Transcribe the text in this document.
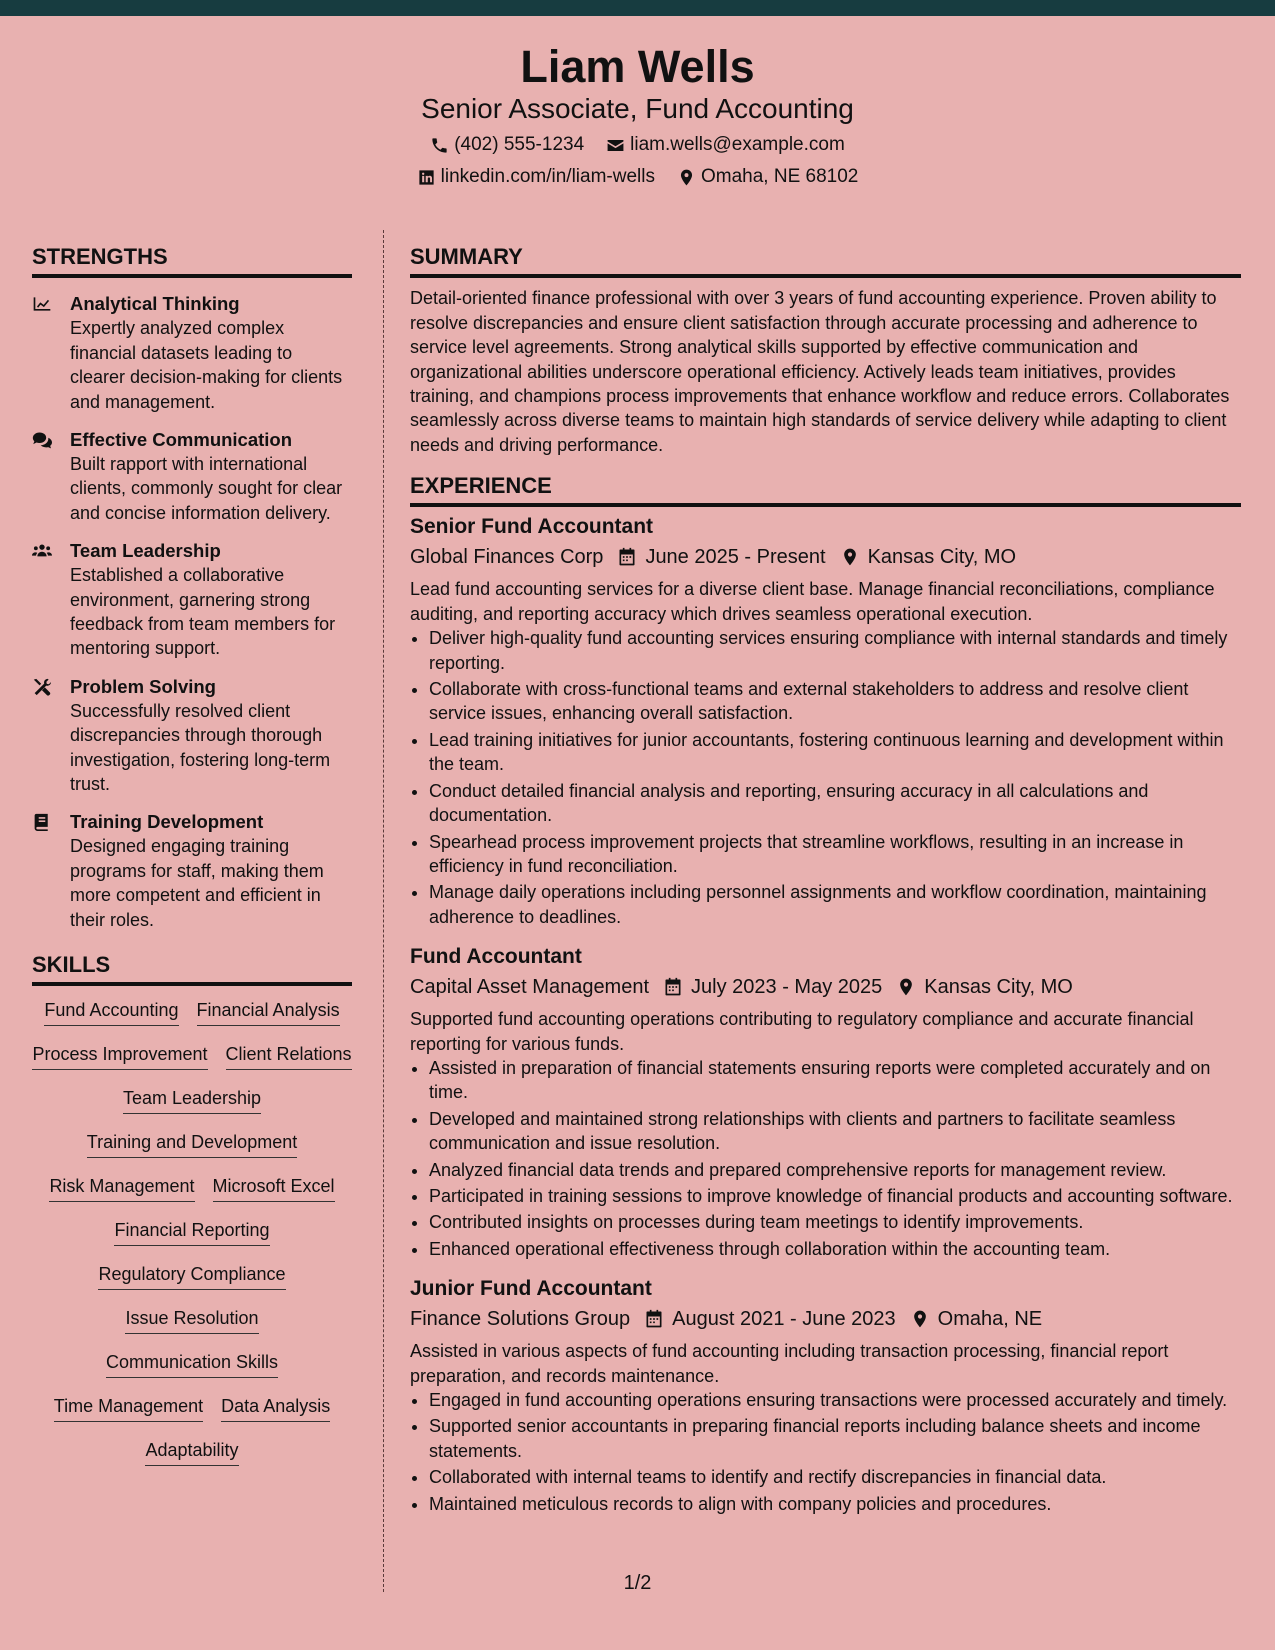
Liam Wells
Senior Associate, Fund Accounting
(402) 555-1234 liam.wells@example.com
linkedin.com/in/liam-wells Omaha, NE 68102
STRENGTHS
Analytical Thinking
Expertly analyzed complex financial datasets leading to clearer decision-making for clients and management.
Effective Communication
Built rapport with international clients, commonly sought for clear and concise information delivery.
Team Leadership
Established a collaborative environment, garnering strong feedback from team members for mentoring support.
Problem Solving
Successfully resolved client discrepancies through thorough investigation, fostering long-term trust.
Training Development
Designed engaging training programs for staff, making them more competent and efficient in their roles.
SKILLS
Fund Accounting Financial Analysis
Process Improvement Client Relations
Team Leadership
Training and Development
Risk Management Microsoft Excel
Financial Reporting
Regulatory Compliance
Issue Resolution
Communication Skills
Time Management Data Analysis
Adaptability
SUMMARY
Detail-oriented finance professional with over 3 years of fund accounting experience. Proven ability to resolve discrepancies and ensure client satisfaction through accurate processing and adherence to service level agreements. Strong analytical skills supported by effective communication and organizational abilities underscore operational efficiency. Actively leads team initiatives, provides training, and champions process improvements that enhance workflow and reduce errors. Collaborates seamlessly across diverse teams to maintain high standards of service delivery while adapting to client needs and driving performance.
EXPERIENCE
Senior Fund Accountant
Global Finances Corp June 2025 - Present Kansas City, MO
Lead fund accounting services for a diverse client base. Manage financial reconciliations, compliance auditing, and reporting accuracy which drives seamless operational execution.
• Deliver high-quality fund accounting services ensuring compliance with internal standards and timely reporting.
• Collaborate with cross-functional teams and external stakeholders to address and resolve client service issues, enhancing overall satisfaction.
• Lead training initiatives for junior accountants, fostering continuous learning and development within the team.
• Conduct detailed financial analysis and reporting, ensuring accuracy in all calculations and documentation.
• Spearhead process improvement projects that streamline workflows, resulting in an increase in efficiency in fund reconciliation.
• Manage daily operations including personnel assignments and workflow coordination, maintaining adherence to deadlines.
Fund Accountant
Capital Asset Management July 2023 - May 2025 Kansas City, MO
Supported fund accounting operations contributing to regulatory compliance and accurate financial reporting for various funds.
• Assisted in preparation of financial statements ensuring reports were completed accurately and on time.
• Developed and maintained strong relationships with clients and partners to facilitate seamless communication and issue resolution.
• Analyzed financial data trends and prepared comprehensive reports for management review.
• Participated in training sessions to improve knowledge of financial products and accounting software.
• Contributed insights on processes during team meetings to identify improvements.
• Enhanced operational effectiveness through collaboration within the accounting team.
Junior Fund Accountant
Finance Solutions Group August 2021 - June 2023 Omaha, NE
Assisted in various aspects of fund accounting including transaction processing, financial report preparation, and records maintenance.
• Engaged in fund accounting operations ensuring transactions were processed accurately and timely.
• Supported senior accountants in preparing financial reports including balance sheets and income statements.
• Collaborated with internal teams to identify and rectify discrepancies in financial data.
• Maintained meticulous records to align with company policies and procedures.
1/2
